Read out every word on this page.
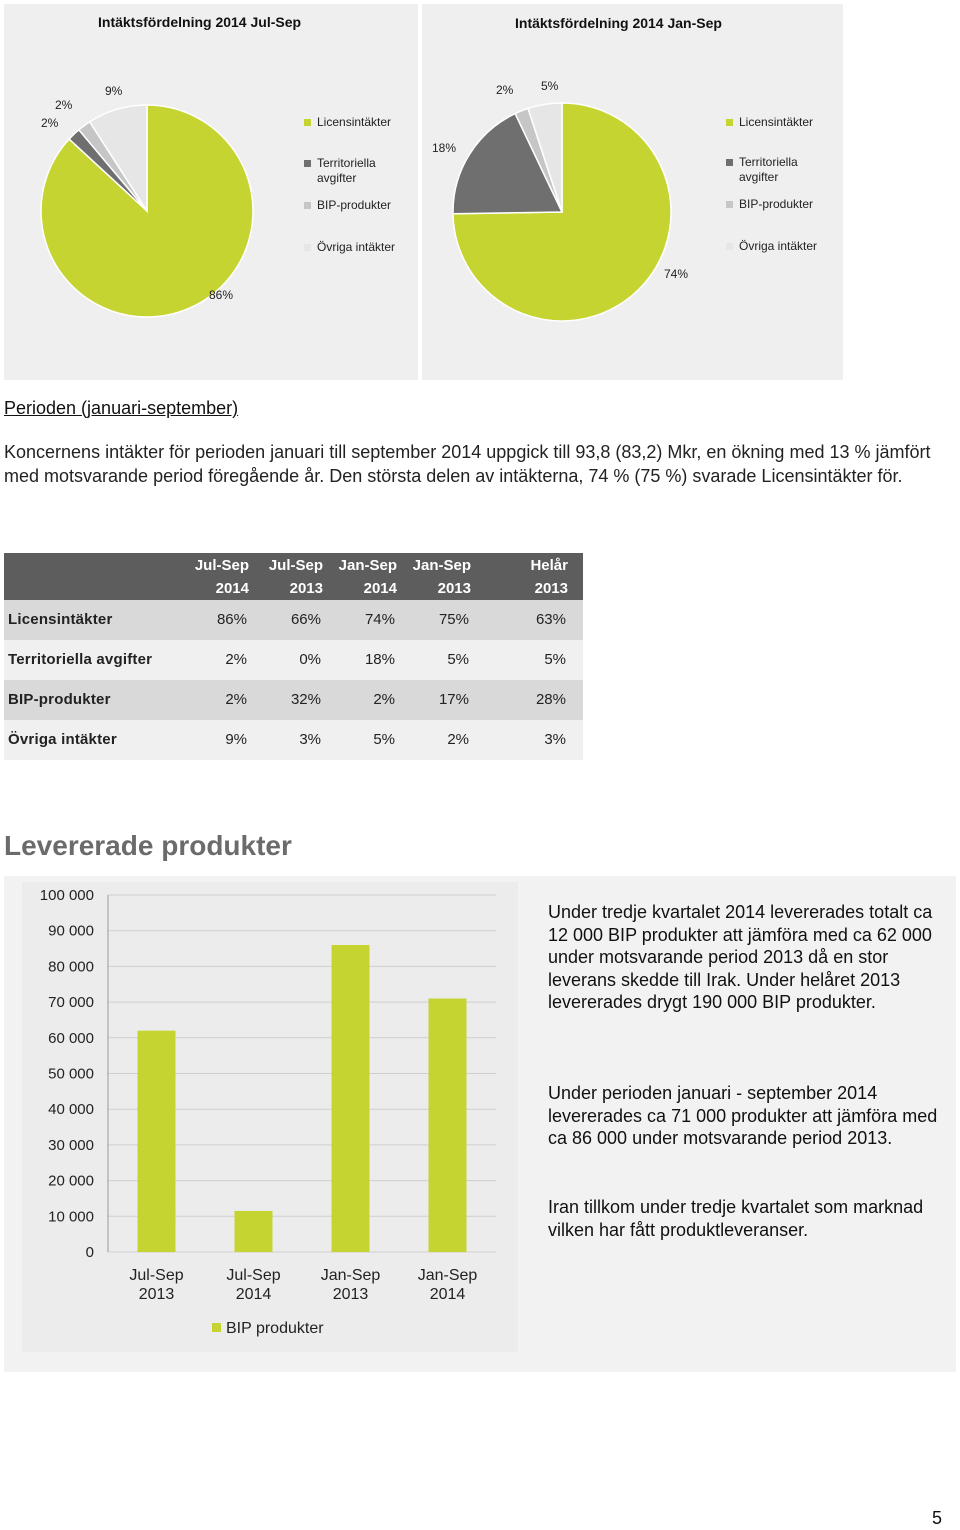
Intäktsfördelning 2014 Jul-Sep
86%
2%
2%
9%
Licensintäkter
Territoriella avgifter
BIP-produkter
Övriga intäkter
Intäktsfördelning 2014 Jan-Sep
74%
18%
2% 5%
Licensintäkter
Territoriella avgifter
BIP-produkter
Övriga intäkter
Perioden (januari-september)
Koncernens intäkter för perioden januari till september 2014 uppgick till 93,8 (83,2) Mkr, en ökning med 13 % jämfört med motsvarande period föregående år. Den största delen av intäkterna, 74 % (75 %) svarade Licensintäkter för.
Jul-Sep
2014
Jul-Sep
2013
Jan-Sep
2014
Jan-Sep
2013
Helår
2013
Licensintäkter	86%	66%	74%	75%	63%
Territoriella avgifter	2%	0%	18%	5%	5%
BIP-produkter	2%	32%	2%	17%	28%
Övriga intäkter	9%	3%	5%	2%	3%
Levererade produkter
0
10 000
20 000
30 000
40 000
50 000
60 000
70 000
80 000
90 000
100 000
Jul-Sep
2013
Jul-Sep
2014
Jan-Sep
2013
Jan-Sep
2014
BIP produkter
Under tredje kvartalet 2014 levererades totalt ca 12 000 BIP produkter att jämföra med ca 62 000 under motsvarande period 2013 då en stor leverans skedde till Irak. Under helåret 2013 levererades drygt 190 000 BIP produkter.
Under perioden januari - september 2014 levererades ca 71 000 produkter att jämföra med ca 86 000 under motsvarande period 2013.
Iran tillkom under tredje kvartalet som marknad vilken har fått produktleveranser.
5
